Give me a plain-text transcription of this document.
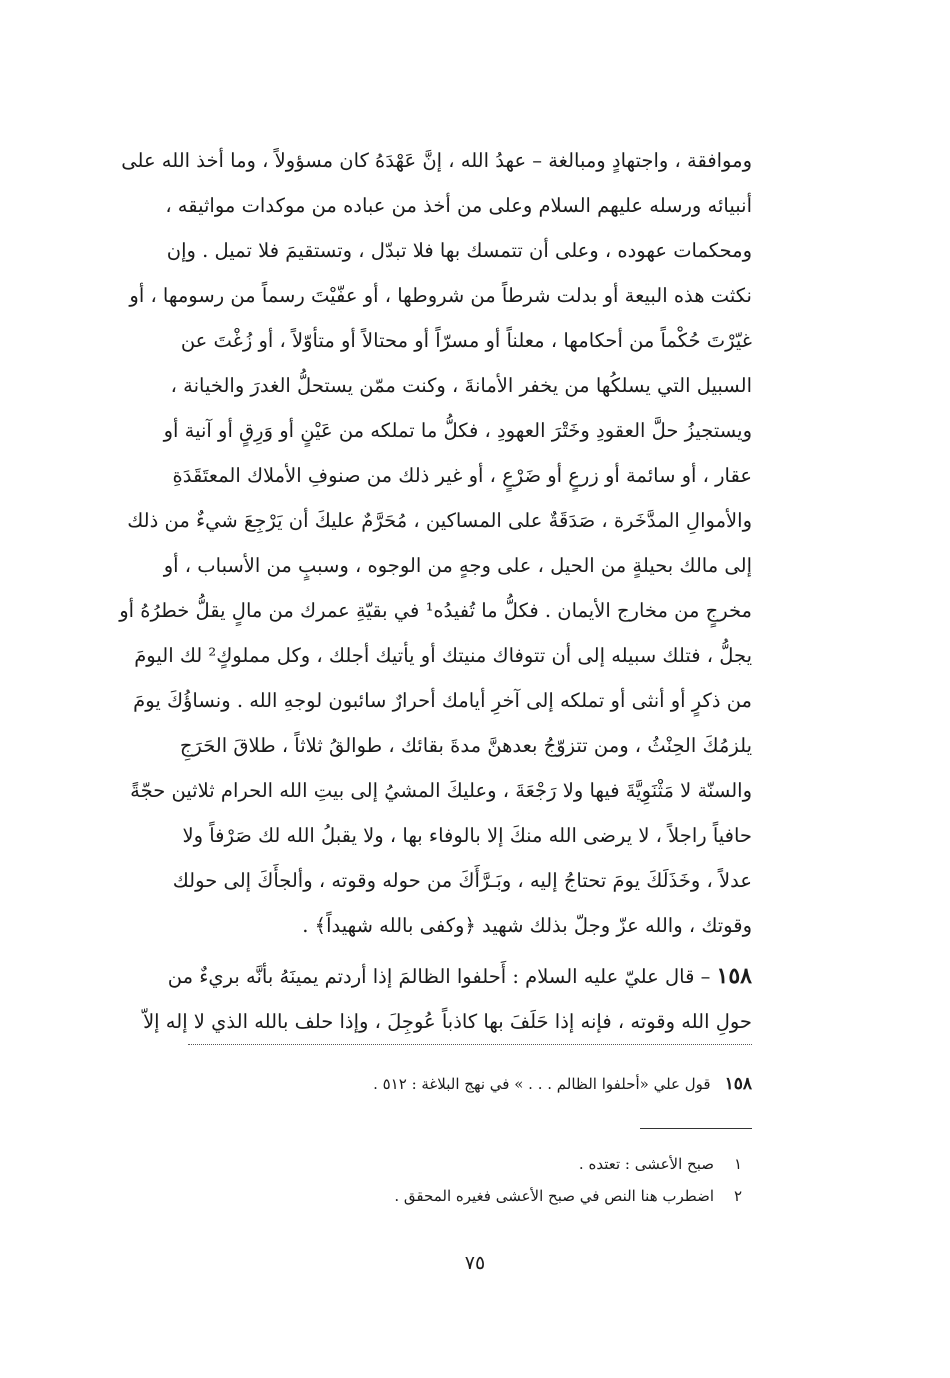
وموافقة ، واجتهادٍ ومبالغة – عهدُ الله ، إنَّ عَهْدَهُ كان مسؤولاً ، وما أخذ الله على
أنبيائه ورسله عليهم السلام وعلى من أخذ من عباده من موكدات مواثيقه ،
ومحكمات عهوده ، وعلى أن تتمسك بها فلا تبدّل ، وتستقيمَ فلا تميل . وإن
نكثت هذه البيعة أو بدلت شرطاً من شروطها ، أو عفّيْتَ رسماً من رسومها ، أو
غيّرْتَ حُكْماً من أحكامها ، معلناً أو مسرّاً أو محتالاً أو متأوّلاً ، أو زُغْتَ عن
السبيل التي يسلكُها من يخفر الأمانةَ ، وكنت ممّن يستحلُّ الغدرَ والخيانة ،
ويستجيزُ حلَّ العقودِ وخَتْرَ العهودِ ، فكلُّ ما تملكه من عَيْنٍ أو وَرِقٍ أو آنية أو
عقار ، أو سائمة أو زرعٍ أو ضَرْعٍ ، أو غير ذلك من صنوفِ الأملاك المعتَقَدَةِ
والأموالِ المدَّخَرة ، صَدَقَةٌ على المساكين ، مُحَرَّمٌ عليكَ أن يَرْجِعَ شيءٌ من ذلك
إلى مالك بحيلةٍ من الحيل ، على وجهٍ من الوجوه ، وسببٍ من الأسباب ، أو
مخرجٍ من مخارج الأيمان . فكلُّ ما تُفيدُه¹ في بقيّةِ عمرك من مالٍ يقلُّ خطرُهُ أو
يجلُّ ، فتلك سبيله إلى أن تتوفاك منيتك أو يأتيك أجلك ، وكل مملوكٍ² لك اليومَ
من ذكرٍ أو أنثى أو تملكه إلى آخرِ أيامك أحرارٌ سائبون لوجهِ الله . ونساؤُكَ يومَ
يلزمُكَ الحِنْثُ ، ومن تتزوّجُ بعدهنَّ مدةَ بقائك ، طوالقُ ثلاثاً ، طلاقَ الحَرَجِ
والسنّة لا مَثْنَوِيَّةَ فيها ولا رَجْعَةَ ، وعليكَ المشيُ إلى بيتِ الله الحرام ثلاثين حجّةً
حافياً راجلاً ، لا يرضى الله منكَ إلا بالوفاء بها ، ولا يقبلُ الله لك صَرْفاً ولا
عدلاً ، وخَذَلَكَ يومَ تحتاجُ إليه ، وبَـرَّأَكَ من حوله وقوته ، وألجأَكَ إلى حولك
وقوتك ، والله عزّ وجلّ بذلك شهيد ﴿وكفى بالله شهيداً﴾ .
١٥٨ – قال عليّ عليه السلام : أَحلفوا الظالمَ إذا أردتم يمينَهُ بأنَّه بريءٌ من
حولِ الله وقوته ، فإنه إذا حَلَفَ بها كاذباً عُوجِلَ ، وإذا حلف بالله الذي لا إله إلاّ
١٥٨قول علي «أحلفوا الظالم . . . » في نهج البلاغة : ٥١٢ .
١صبح الأعشى : تعتده .
٢اضطرب هنا النص في صبح الأعشى فغيره المحقق .
٧٥
